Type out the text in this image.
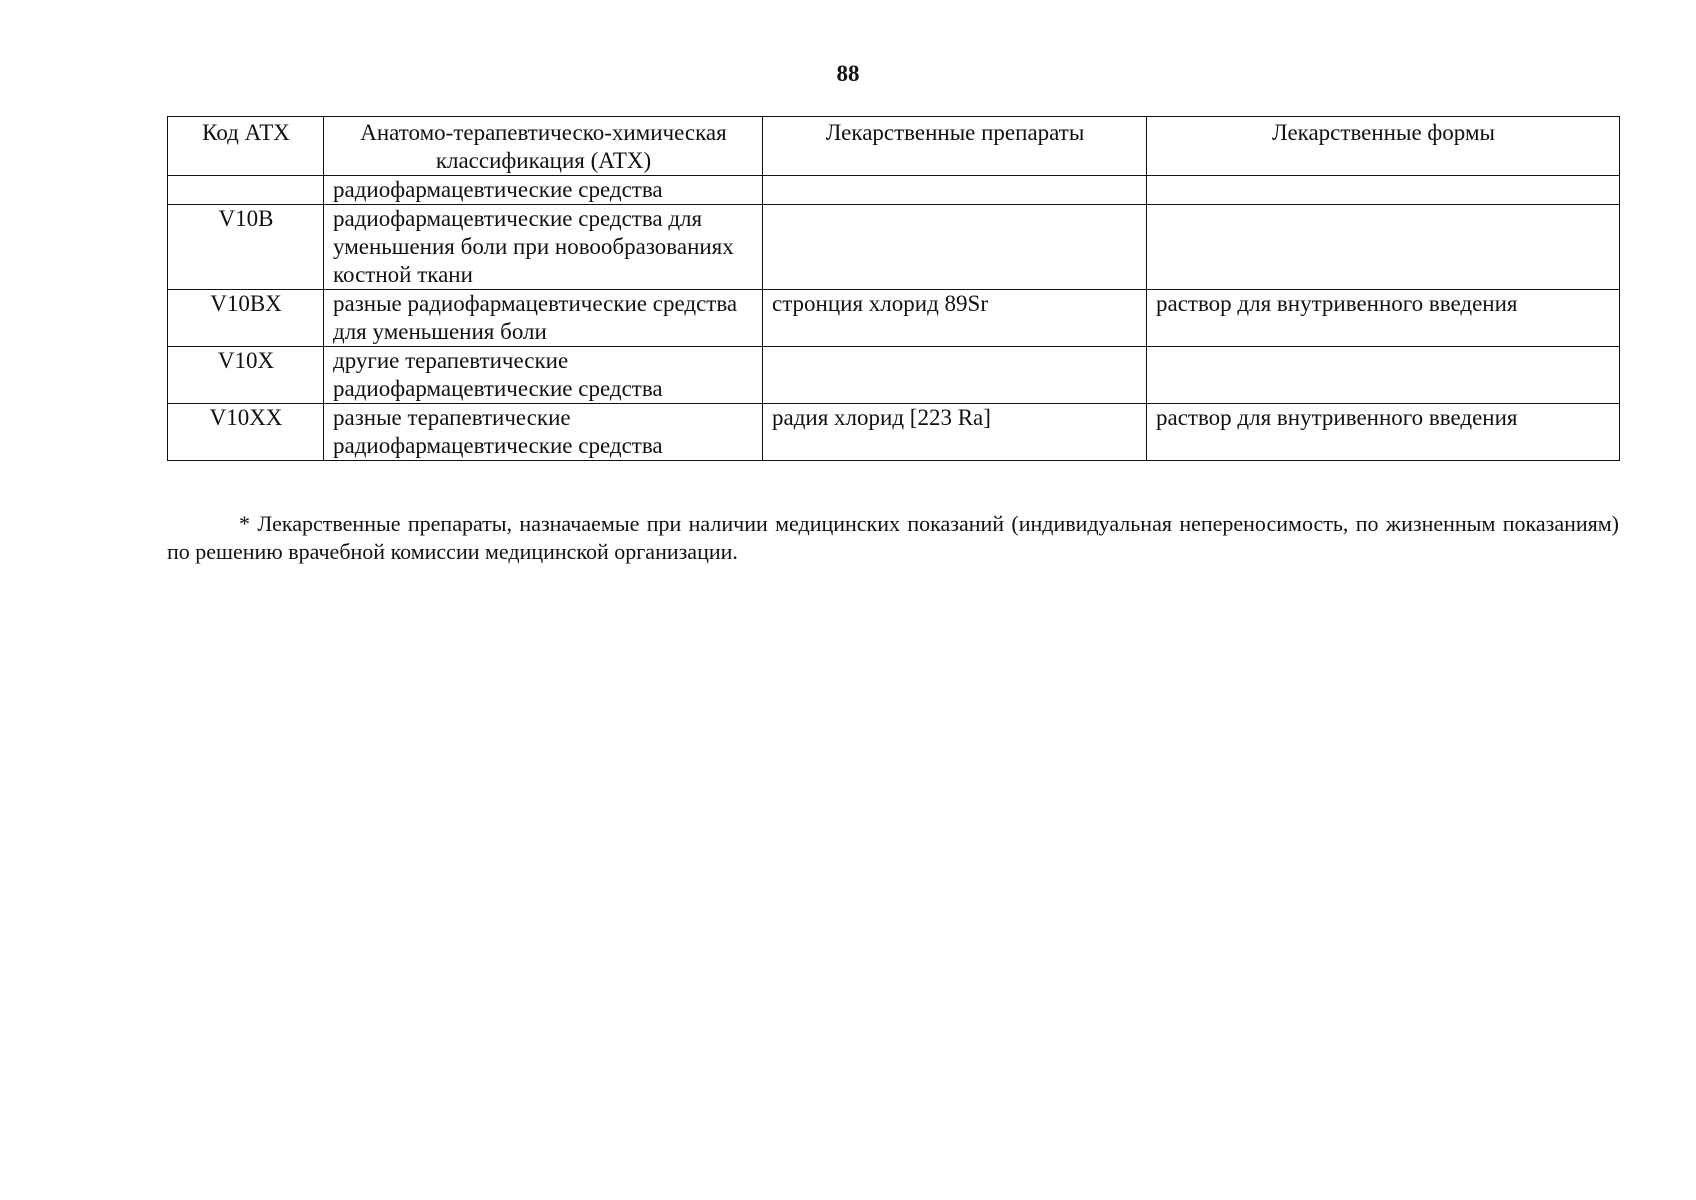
88
Код АТХ	Анатомо-терапевтическо-химическая классификация (АТХ)	Лекарственные препараты	Лекарственные формы
	радиофармацевтические средства		
V10B	радиофармацевтические средства для уменьшения боли при новообразованиях костной ткани		
V10BX	разные радиофармацевтические средства для уменьшения боли	стронция хлорид 89Sr	раствор для внутривенного введения
V10X	другие терапевтические радиофармацевтические средства		
V10XX	разные терапевтические радиофармацевтические средства	радия хлорид [223 Ra]	раствор для внутривенного введения

* Лекарственные препараты, назначаемые при наличии медицинских показаний (индивидуальная непереносимость, по жизненным показаниям) по решению врачебной комиссии медицинской организации.
